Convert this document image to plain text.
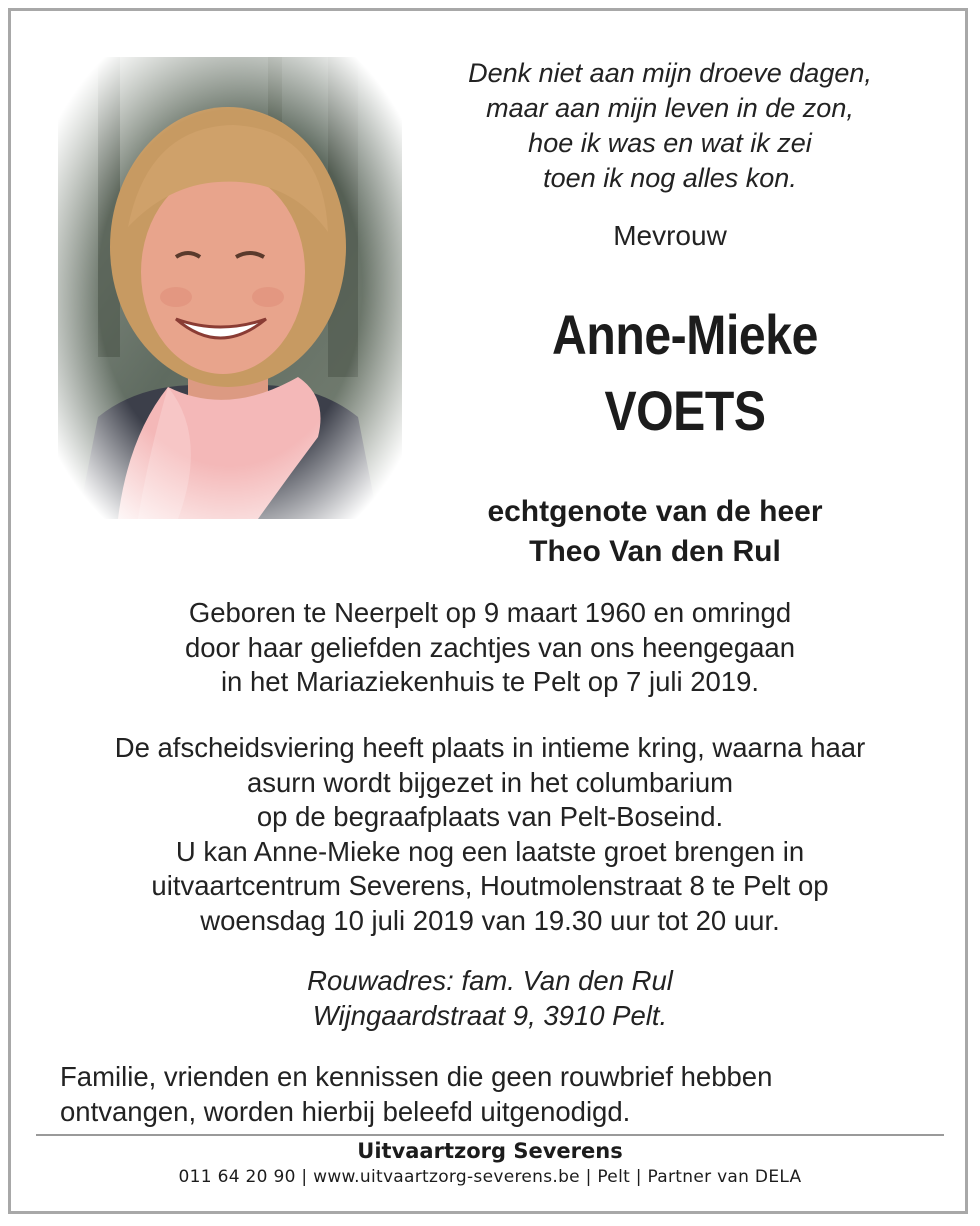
Denk niet aan mijn droeve dagen,
maar aan mijn leven in de zon,
hoe ik was en wat ik zei
toen ik nog alles kon.
Mevrouw
Anne-Mieke
VOETS
echtgenote van de heer
Theo Van den Rul
Geboren te Neerpelt op 9 maart 1960 en omringd
door haar geliefden zachtjes van ons heengegaan
in het Mariaziekenhuis te Pelt op 7 juli 2019.
De afscheidsviering heeft plaats in intieme kring, waarna haar
asurn wordt bijgezet in het columbarium
op de begraafplaats van Pelt-Boseind.
U kan Anne-Mieke nog een laatste groet brengen in
uitvaartcentrum Severens, Houtmolenstraat 8 te Pelt op
woensdag 10 juli 2019 van 19.30 uur tot 20 uur.
Rouwadres: fam. Van den Rul
Wijngaardstraat 9, 3910 Pelt.
Familie, vrienden en kennissen die geen rouwbrief hebben
ontvangen, worden hierbij beleefd uitgenodigd.
Uitvaartzorg Severens
011 64 20 90 | www.uitvaartzorg-severens.be | Pelt | Partner van DELA
